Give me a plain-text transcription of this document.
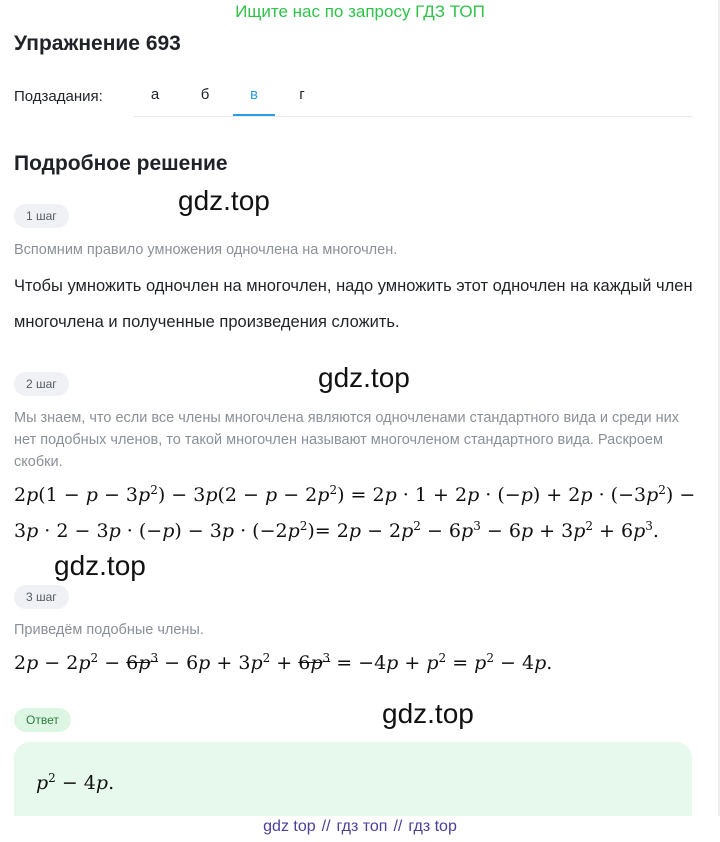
Ищите нас по запросу ГДЗ ТОП
Упражнение 693
Подзадания:	а	б	в	г
Подробное решение
gdz.top
1 шаг
Вспомним правило умножения одночлена на многочлен.
Чтобы умножить одночлен на многочлен, надо умножить этот одночлен на каждый член многочлена и полученные произведения сложить.
gdz.top
2 шаг
Мы знаем, что если все члены многочлена являются одночленами стандартного вида и среди них нет подобных членов, то такой многочлен называют многочленом стандартного вида. Раскроем скобки.
$2p(1 - p - 3p^2) - 3p(2 - p - 2p^2) = 2p \cdot 1 + 2p \cdot (-p) + 2p \cdot (-3p^2)$ −
$3p \cdot 2 - 3p \cdot (-p) - 3p \cdot (-2p^2)= 2p - 2p^2 - 6p^3 - 6p + 3p^2 + 6p^3$.
gdz.top
3 шаг
Приведём подобные члены.
$2p - 2p^2 - 6p^3 - 6p + 3p^2 + 6p^3 = -4p + p^2 = p^2 - 4p$.
gdz.top
Ответ
$p^2 - 4p$.
gdz top // гдз топ // гдз top
